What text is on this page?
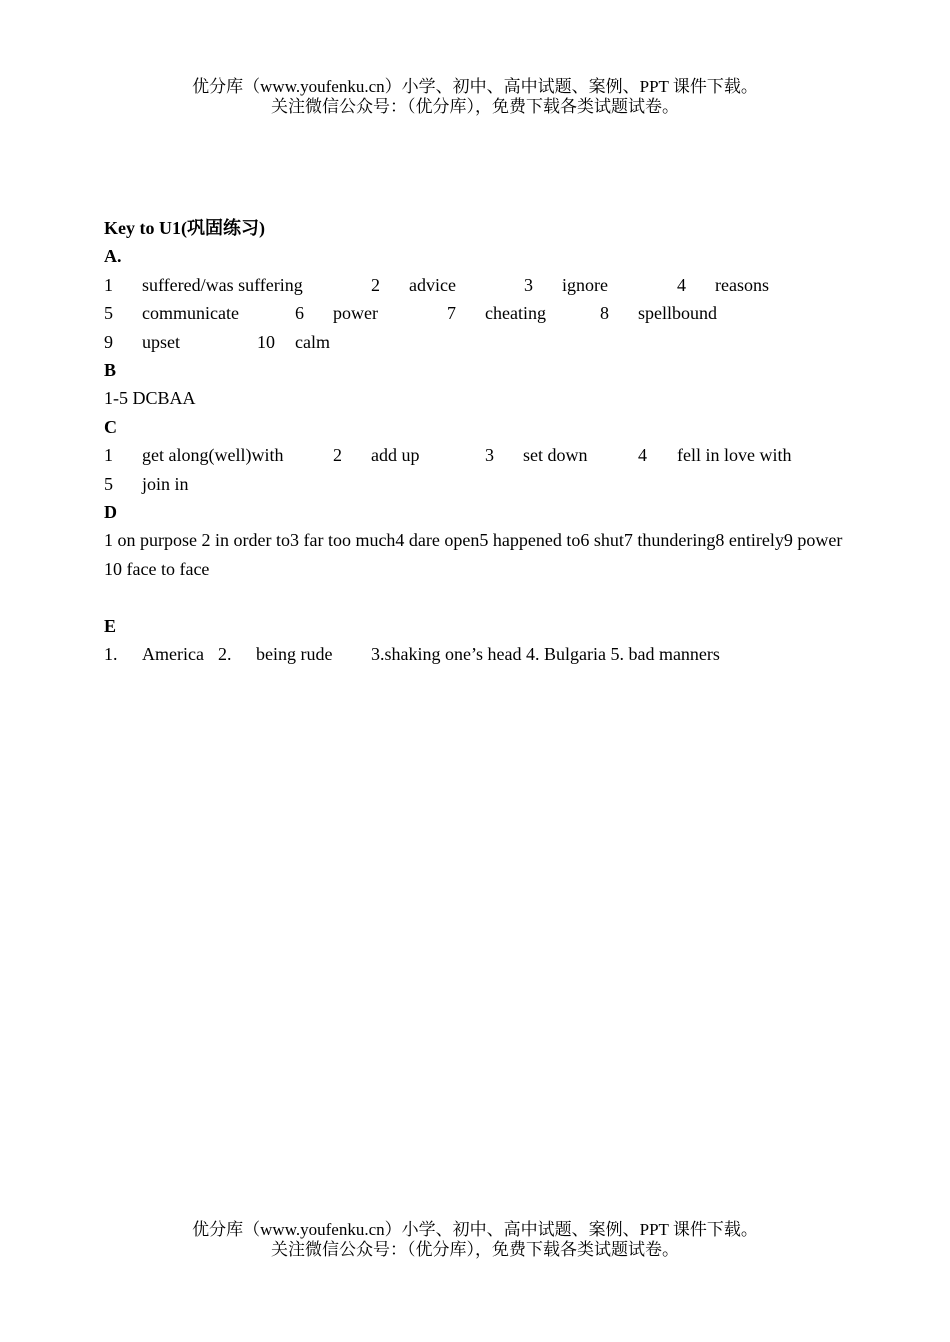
优分库（www.youfenku.cn）小学、初中、高中试题、案例、PPT 课件下载。
关注微信公众号：（优分库），免费下载各类试题试卷。
Key to U1(巩固练习)
A.
1 suffered/was suffering	2 advice	3 ignore	4 reasons
5 communicate	6 power	7 cheating	8 spellbound
9 upset	10 calm
B
1-5 DCBAA
C
1 get along(well)with	2 add up	3 set down	4 fell in love with
5 join in
D
1 on purpose 2 in order to3 far too much4 dare open5 happened to6 shut7 thundering8 entirely9 power10 face to face
E
1. America 2. being rude 3.shaking one’s head 4. Bulgaria 5. bad manners
优分库（www.youfenku.cn）小学、初中、高中试题、案例、PPT 课件下载。
关注微信公众号：（优分库），免费下载各类试题试卷。
